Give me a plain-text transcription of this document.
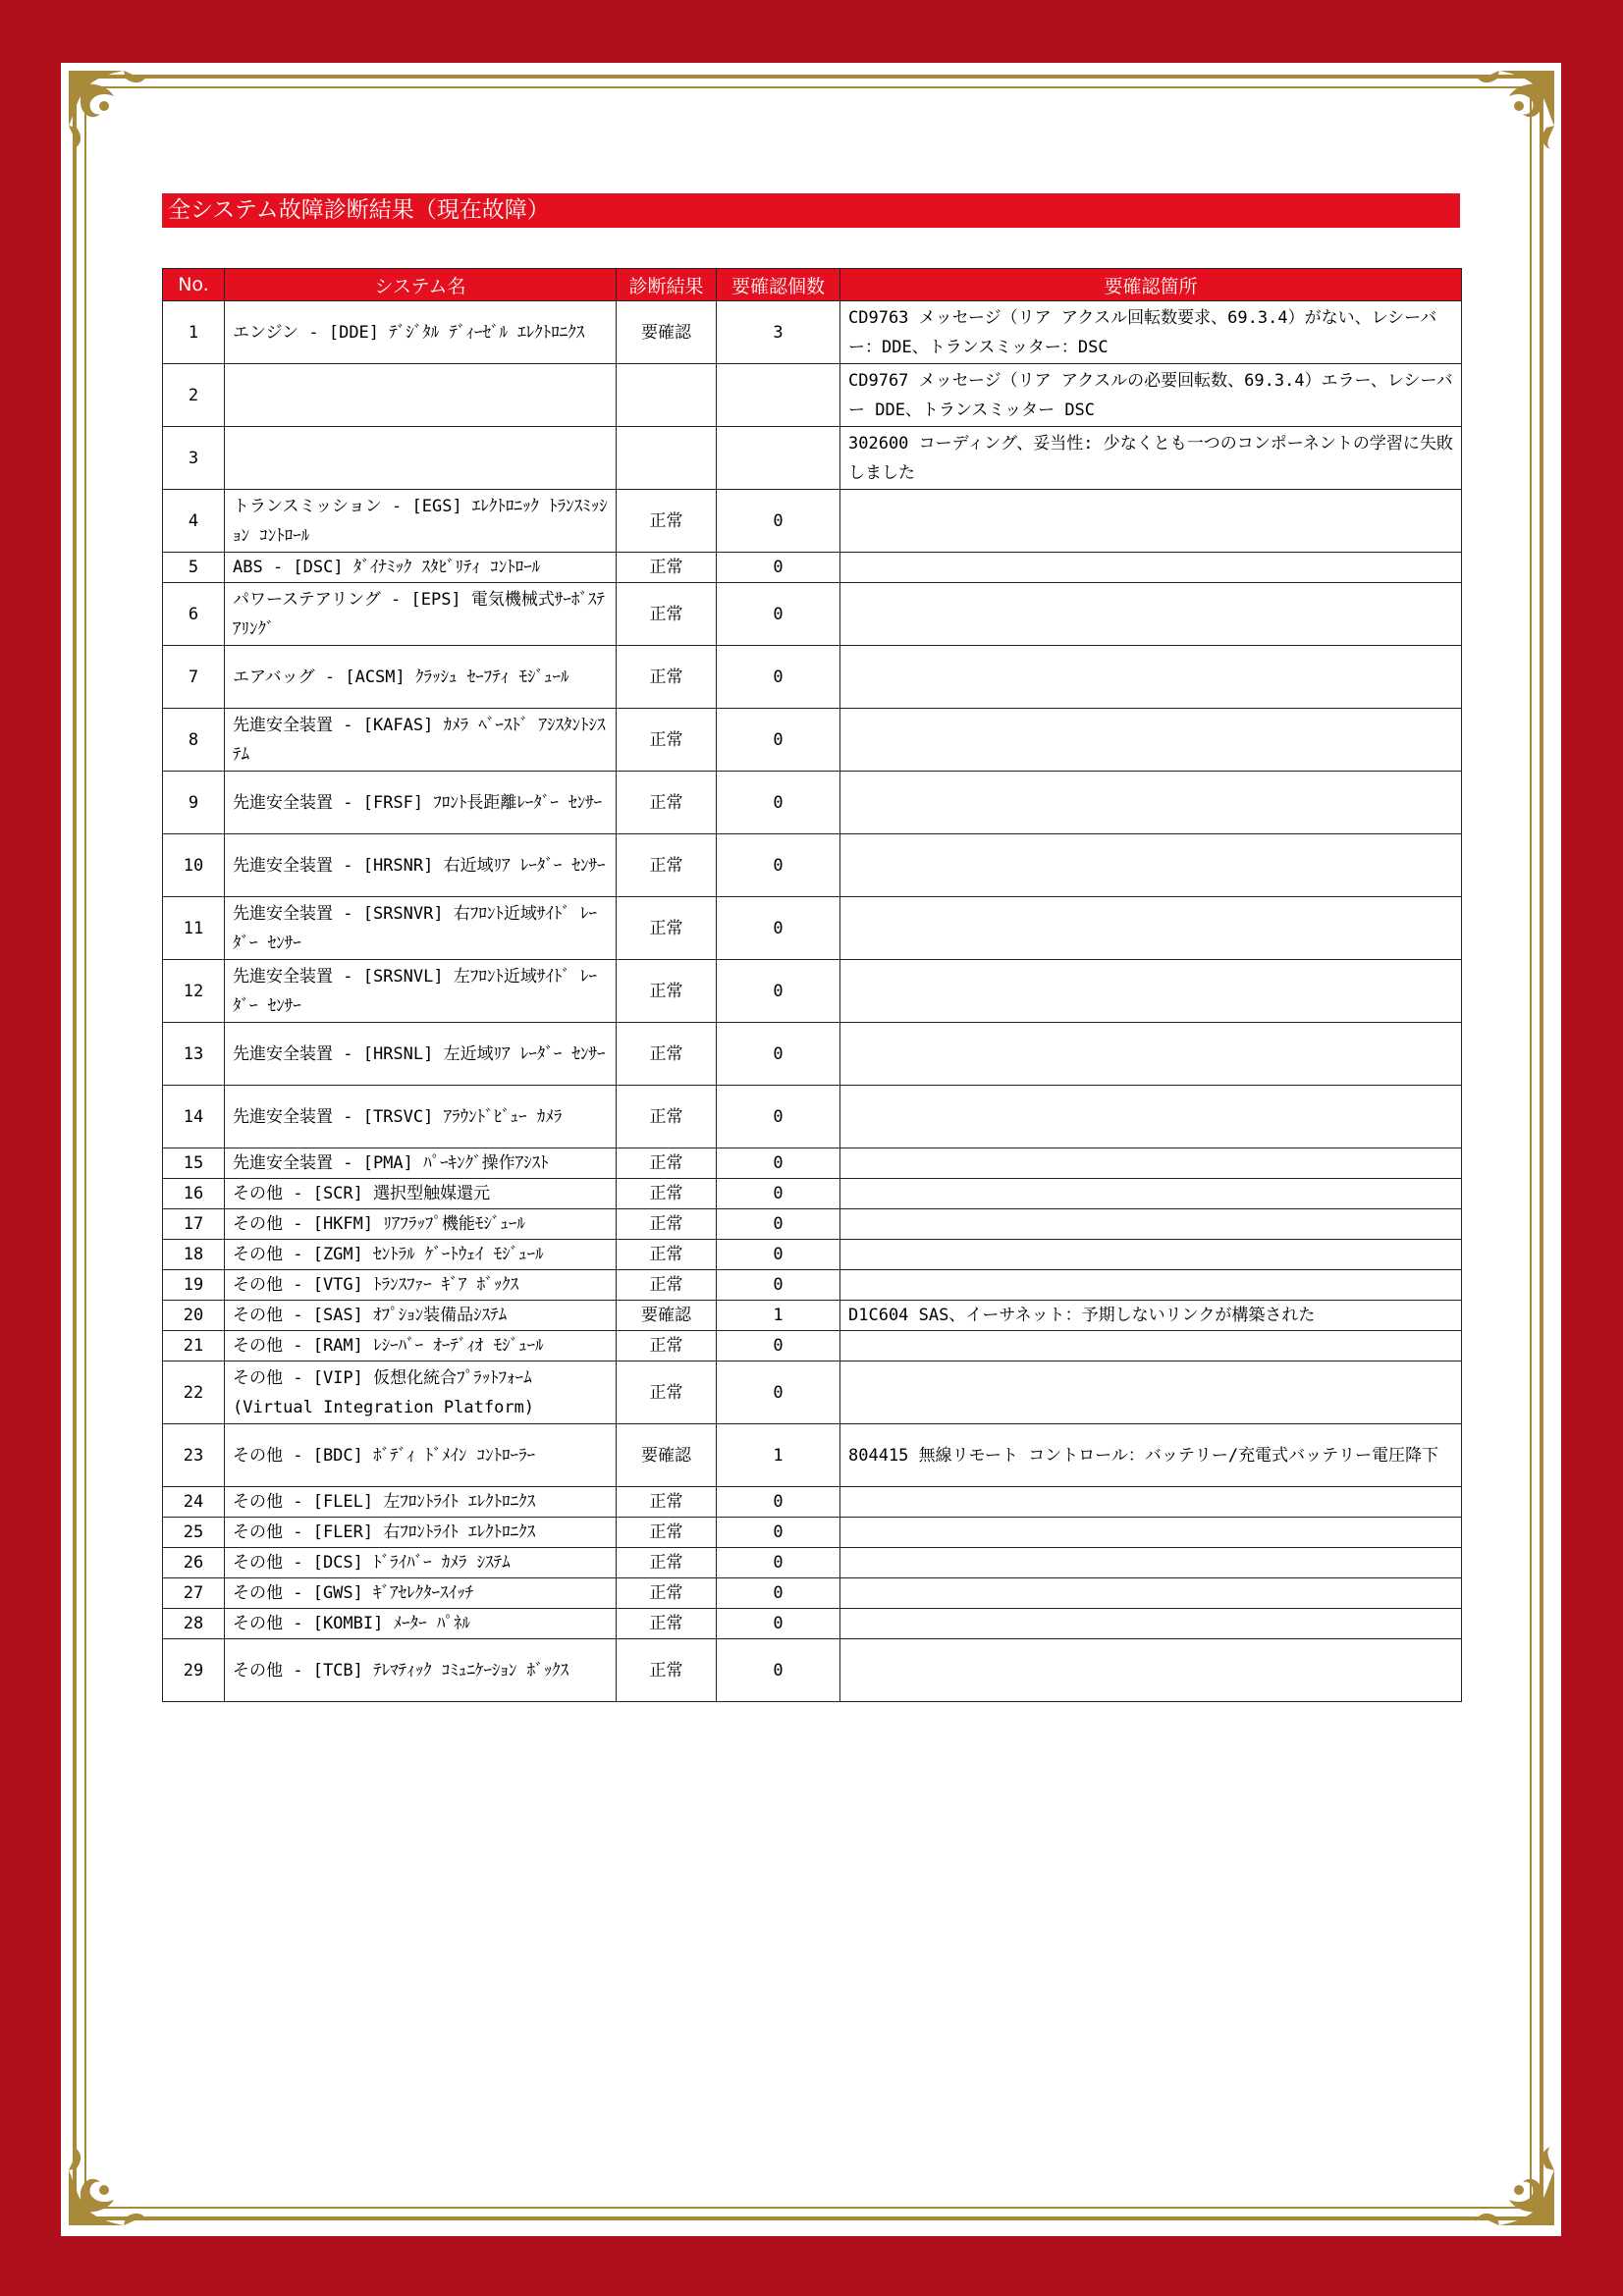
全システム故障診断結果（現在故障）
No.	システム名	診断結果	要確認個数	要確認箇所
1	エンジン - [DDE] ﾃﾞｼﾞﾀﾙ ﾃﾞｨｰｾﾞﾙ ｴﾚｸﾄﾛﾆｸｽ	要確認	3	CD9763 メッセージ（リア アクスル回転数要求、69.3.4）がない、レシーバー：DDE、トランスミッター：DSC
2				CD9767 メッセージ（リア アクスルの必要回転数、69.3.4）エラー、レシーバー DDE、トランスミッター DSC
3				302600 コーディング、妥当性: 少なくとも一つのコンポーネントの学習に失敗しました
4	トランスミッション - [EGS] ｴﾚｸﾄﾛﾆｯｸ ﾄﾗﾝｽﾐｯｼｮﾝ ｺﾝﾄﾛｰﾙ	正常	0	
5	ABS - [DSC] ﾀﾞｲﾅﾐｯｸ ｽﾀﾋﾞﾘﾃｨ ｺﾝﾄﾛｰﾙ	正常	0	
6	パワーステアリング - [EPS] 電気機械式ｻｰﾎﾞｽﾃｱﾘﾝｸﾞ	正常	0	
7	エアバッグ - [ACSM] ｸﾗｯｼｭ ｾｰﾌﾃｨ ﾓｼﾞｭｰﾙ	正常	0	
8	先進安全装置 - [KAFAS] ｶﾒﾗ ﾍﾞｰｽﾄﾞ ｱｼｽﾀﾝﾄｼｽﾃﾑ	正常	0	
9	先進安全装置 - [FRSF] ﾌﾛﾝﾄ長距離ﾚｰﾀﾞｰ ｾﾝｻｰ	正常	0	
10	先進安全装置 - [HRSNR] 右近域ﾘｱ ﾚｰﾀﾞｰ ｾﾝｻｰ	正常	0	
11	先進安全装置 - [SRSNVR] 右ﾌﾛﾝﾄ近域ｻｲﾄﾞ ﾚｰﾀﾞｰ ｾﾝｻｰ	正常	0	
12	先進安全装置 - [SRSNVL] 左ﾌﾛﾝﾄ近域ｻｲﾄﾞ ﾚｰﾀﾞｰ ｾﾝｻｰ	正常	0	
13	先進安全装置 - [HRSNL] 左近域ﾘｱ ﾚｰﾀﾞｰ ｾﾝｻｰ	正常	0	
14	先進安全装置 - [TRSVC] ｱﾗｳﾝﾄﾞﾋﾞｭｰ ｶﾒﾗ	正常	0	
15	先進安全装置 - [PMA] ﾊﾟｰｷﾝｸﾞ操作ｱｼｽﾄ	正常	0	
16	その他 - [SCR] 選択型触媒還元	正常	0	
17	その他 - [HKFM] ﾘｱﾌﾗｯﾌﾟ機能ﾓｼﾞｭｰﾙ	正常	0	
18	その他 - [ZGM] ｾﾝﾄﾗﾙ ｹﾞｰﾄｳｪｲ ﾓｼﾞｭｰﾙ	正常	0	
19	その他 - [VTG] ﾄﾗﾝｽﾌｧｰ ｷﾞｱ ﾎﾞｯｸｽ	正常	0	
20	その他 - [SAS] ｵﾌﾟｼｮﾝ装備品ｼｽﾃﾑ	要確認	1	D1C604 SAS、イーサネット：予期しないリンクが構築された
21	その他 - [RAM] ﾚｼｰﾊﾞｰ ｵｰﾃﾞｨｵ ﾓｼﾞｭｰﾙ	正常	0	
22	その他 - [VIP] 仮想化統合ﾌﾟﾗｯﾄﾌｫｰﾑ (Virtual Integration Platform)	正常	0	
23	その他 - [BDC] ﾎﾞﾃﾞｨ ﾄﾞﾒｲﾝ ｺﾝﾄﾛｰﾗｰ	要確認	1	804415 無線リモート コントロール：バッテリー/充電式バッテリー電圧降下
24	その他 - [FLEL] 左ﾌﾛﾝﾄﾗｲﾄ ｴﾚｸﾄﾛﾆｸｽ	正常	0	
25	その他 - [FLER] 右ﾌﾛﾝﾄﾗｲﾄ ｴﾚｸﾄﾛﾆｸｽ	正常	0	
26	その他 - [DCS] ﾄﾞﾗｲﾊﾞｰ ｶﾒﾗ ｼｽﾃﾑ	正常	0	
27	その他 - [GWS] ｷﾞｱｾﾚｸﾀｰｽｲｯﾁ	正常	0	
28	その他 - [KOMBI] ﾒｰﾀｰ ﾊﾟﾈﾙ	正常	0	
29	その他 - [TCB] ﾃﾚﾏﾃｨｯｸ ｺﾐｭﾆｹｰｼｮﾝ ﾎﾞｯｸｽ	正常	0	
